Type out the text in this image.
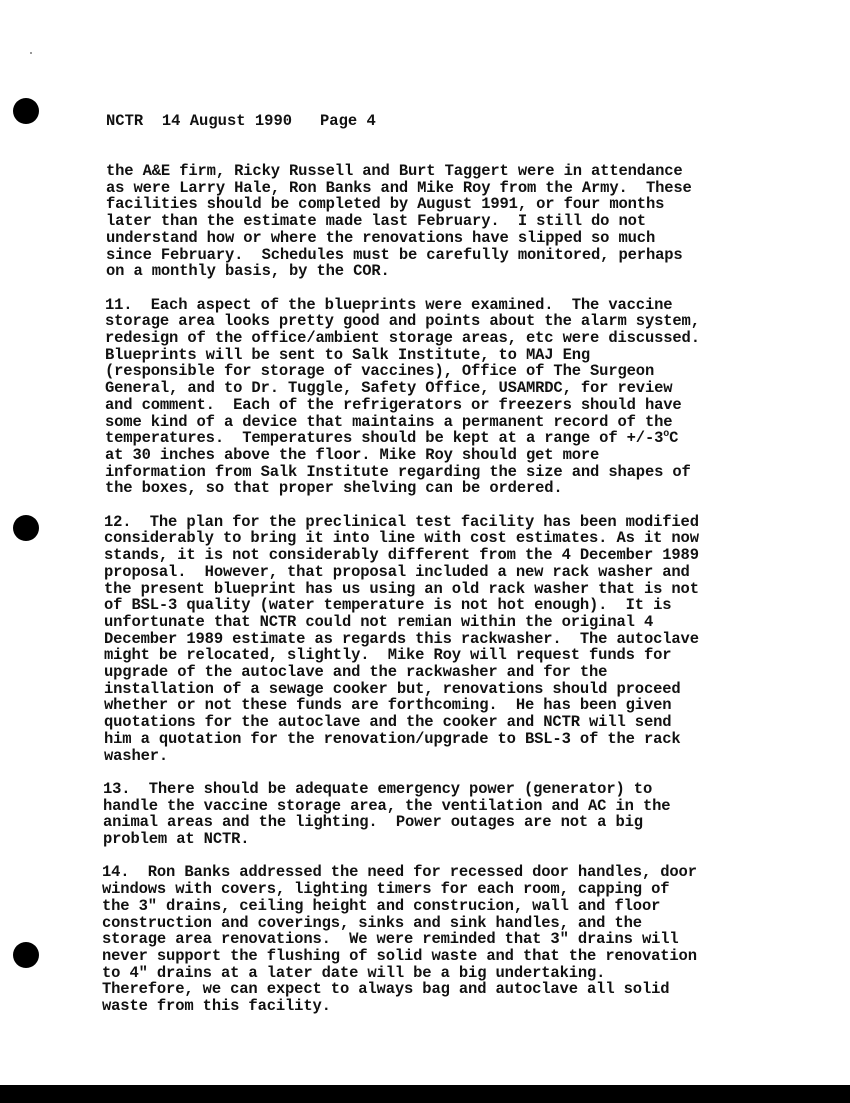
NCTR 14 August 1990 Page 4
the A&E firm, Ricky Russell and Burt Taggert were in attendance
as were Larry Hale, Ron Banks and Mike Roy from the Army.  These
facilities should be completed by August 1991, or four months
later than the estimate made last February.  I still do not
understand how or where the renovations have slipped so much
since February.  Schedules must be carefully monitored, perhaps
on a monthly basis, by the COR.
11.  Each aspect of the blueprints were examined.  The vaccine
storage area looks pretty good and points about the alarm system,
redesign of the office/ambient storage areas, etc were discussed.
Blueprints will be sent to Salk Institute, to MAJ Eng
(responsible for storage of vaccines), Office of The Surgeon
General, and to Dr. Tuggle, Safety Office, USAMRDC, for review
and comment.  Each of the refrigerators or freezers should have
some kind of a device that maintains a permanent record of the
temperatures.  Temperatures should be kept at a range of $+/-3^oC$
at 30 inches above the floor. Mike Roy should get more
information from Salk Institute regarding the size and shapes of
the boxes, so that proper shelving can be ordered.
12.  The plan for the preclinical test facility has been modified
considerably to bring it into line with cost estimates. As it now
stands, it is not considerably different from the 4 December 1989
proposal.  However, that proposal included a new rack washer and
the present blueprint has us using an old rack washer that is not
of BSL-3 quality (water temperature is not hot enough).  It is
unfortunate that NCTR could not remian within the original 4
December 1989 estimate as regards this rackwasher.  The autoclave
might be relocated, slightly.  Mike Roy will request funds for
upgrade of the autoclave and the rackwasher and for the
installation of a sewage cooker but, renovations should proceed
whether or not these funds are forthcoming.  He has been given
quotations for the autoclave and the cooker and NCTR will send
him a quotation for the renovation/upgrade to BSL-3 of the rack
washer.
13.  There should be adequate emergency power (generator) to
handle the vaccine storage area, the ventilation and AC in the
animal areas and the lighting.  Power outages are not a big
problem at NCTR.
14.  Ron Banks addressed the need for recessed door handles, door
windows with covers, lighting timers for each room, capping of
the 3" drains, ceiling height and construcion, wall and floor
construction and coverings, sinks and sink handles, and the
storage area renovations.  We were reminded that 3" drains will
never support the flushing of solid waste and that the renovation
to 4" drains at a later date will be a big undertaking.
Therefore, we can expect to always bag and autoclave all solid
waste from this facility.
